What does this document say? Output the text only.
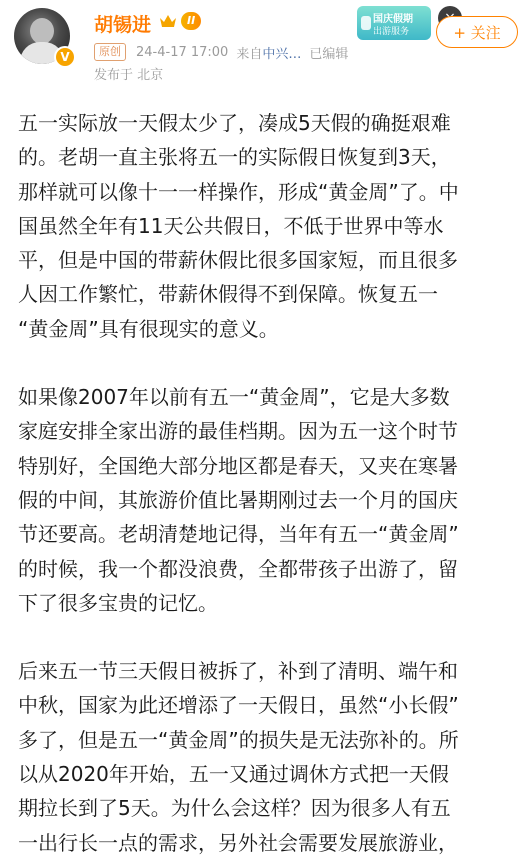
V
胡锡进	II
原创	24-4-17 17:00 来自 中兴… 已编辑
发布于 北京
国庆假期
出游服务	+ 关注

五一实际放一天假太少了，凑成5天假的确挺艰难
的。老胡一直主张将五一的实际假日恢复到3天，
那样就可以像十一一样操作，形成“黄金周”了。中
国虽然全年有11天公共假日，不低于世界中等水
平，但是中国的带薪休假比很多国家短，而且很多
人因工作繁忙，带薪休假得不到保障。恢复五一
“黄金周”具有很现实的意义。

如果像2007年以前有五一“黄金周”，它是大多数
家庭安排全家出游的最佳档期。因为五一这个时节
特别好，全国绝大部分地区都是春天，又夹在寒暑
假的中间，其旅游价值比暑期刚过去一个月的国庆
节还要高。老胡清楚地记得，当年有五一“黄金周”
的时候，我一个都没浪费，全都带孩子出游了，留
下了很多宝贵的记忆。

后来五一节三天假日被拆了，补到了清明、端午和
中秋，国家为此还增添了一天假日，虽然“小长假”
多了，但是五一“黄金周”的损失是无法弥补的。所
以从2020年开始，五一又通过调休方式把一天假
期拉长到了5天。为什么会这样？因为很多人有五
一出行长一点的需求，另外社会需要发展旅游业，
